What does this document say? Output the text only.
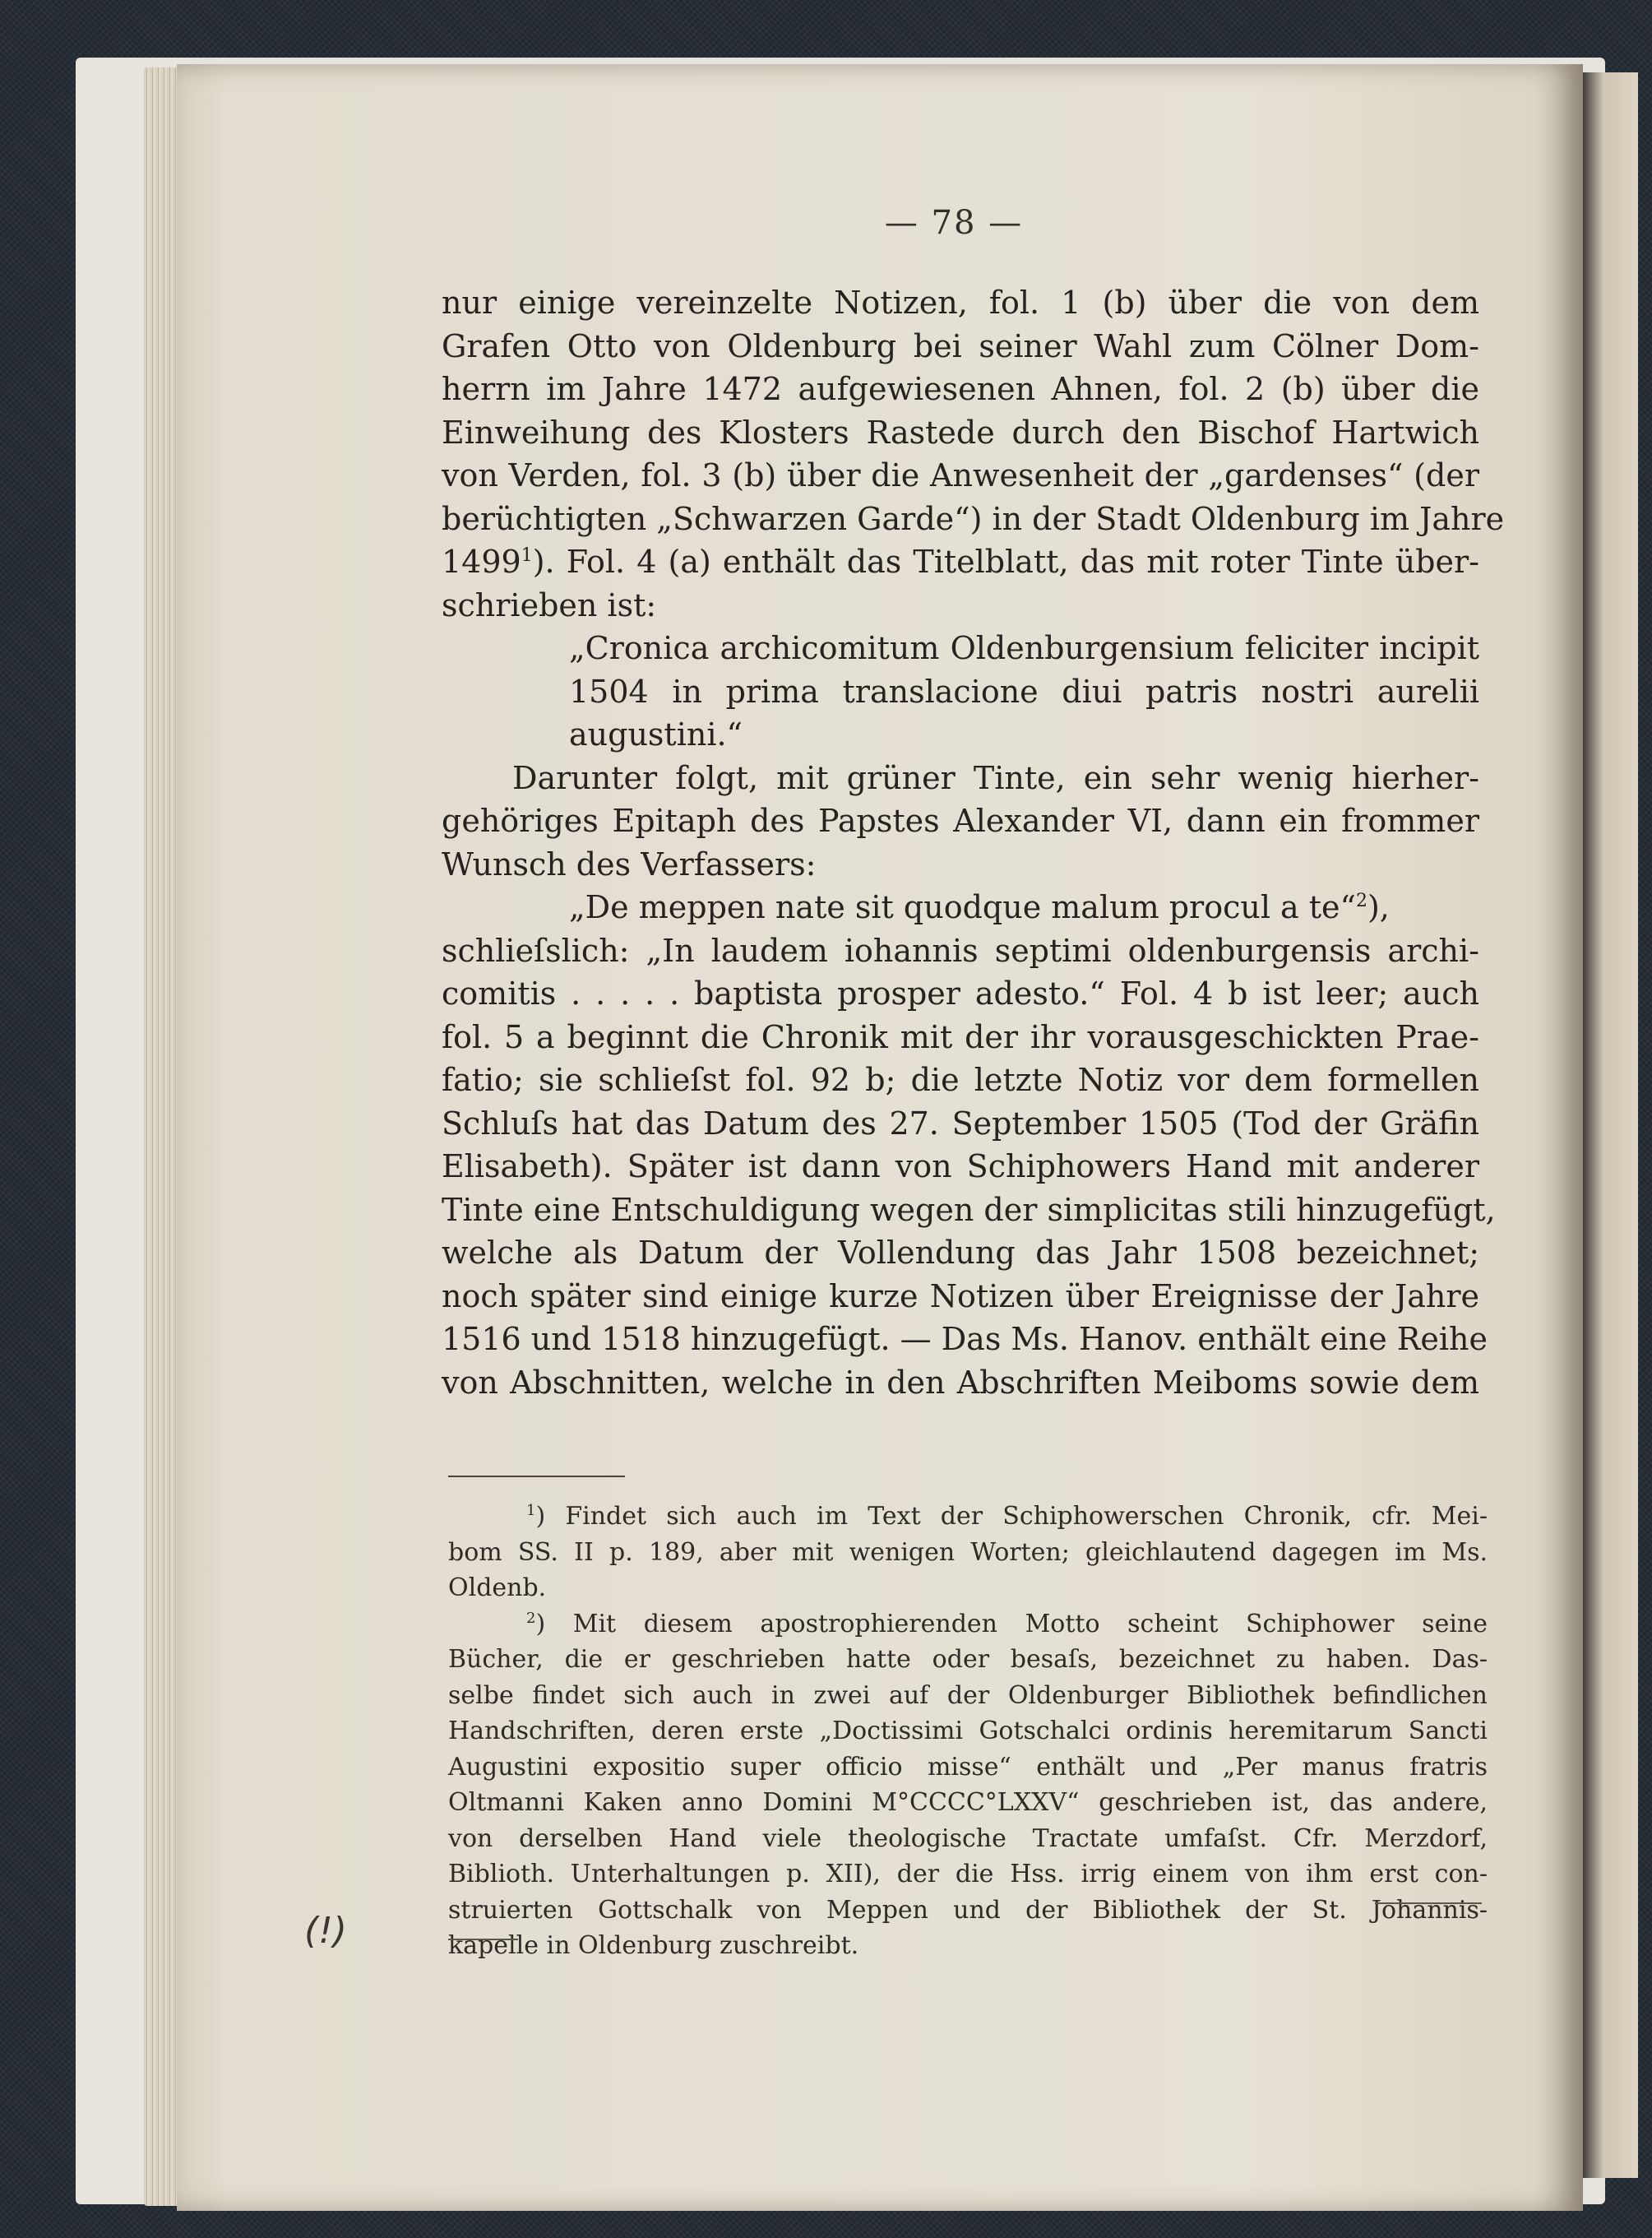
— 78 —
nur einige vereinzelte Notizen, fol. 1 (b) über die von dem
Grafen Otto von Oldenburg bei seiner Wahl zum Cölner Dom-
herrn im Jahre 1472 aufgewiesenen Ahnen, fol. 2 (b) über die
Einweihung des Klosters Rastede durch den Bischof Hartwich
von Verden, fol. 3 (b) über die Anwesenheit der „gardenses“ (der
berüchtigten „Schwarzen Garde“) in der Stadt Oldenburg im Jahre
1499$^1$). Fol. 4 (a) enthält das Titelblatt, das mit roter Tinte über-
schrieben ist:
„Cronica archicomitum Oldenburgensium feliciter incipit
1504 in prima translacione diui patris nostri aurelii
augustini.“
Darunter folgt, mit grüner Tinte, ein sehr wenig hierher-
gehöriges Epitaph des Papstes Alexander VI, dann ein frommer
Wunsch des Verfassers:
„De meppen nate sit quodque malum procul a te“$^2$),
schlieſslich: „In laudem iohannis septimi oldenburgensis archi-
comitis . . . . . baptista prosper adesto.“ Fol. 4 b ist leer; auch
fol. 5 a beginnt die Chronik mit der ihr vorausgeschickten Prae-
fatio; sie schlieſst fol. 92 b; die letzte Notiz vor dem formellen
Schluſs hat das Datum des 27. September 1505 (Tod der Gräfin
Elisabeth). Später ist dann von Schiphowers Hand mit anderer
Tinte eine Entschuldigung wegen der simplicitas stili hinzugefügt,
welche als Datum der Vollendung das Jahr 1508 bezeichnet;
noch später sind einige kurze Notizen über Ereignisse der Jahre
1516 und 1518 hinzugefügt. — Das Ms. Hanov. enthält eine Reihe
von Abschnitten, welche in den Abschriften Meiboms sowie dem
$^1$) Findet sich auch im Text der Schiphowerschen Chronik, cfr. Mei-
bom SS. II p. 189, aber mit wenigen Worten; gleichlautend dagegen im Ms.
Oldenb.
$^2$) Mit diesem apostrophierenden Motto scheint Schiphower seine
Bücher, die er geschrieben hatte oder besaſs, bezeichnet zu haben. Das-
selbe findet sich auch in zwei auf der Oldenburger Bibliothek befindlichen
Handschriften, deren erste „Doctissimi Gotschalci ordinis heremitarum Sancti
Augustini expositio super officio misse“ enthält und „Per manus fratris
Oltmanni Kaken anno Domini M°CCCC°LXXV“ geschrieben ist, das andere,
von derselben Hand viele theologische Tractate umfaſst. Cfr. Merzdorf,
Biblioth. Unterhaltungen p. XII), der die Hss. irrig einem von ihm erst con-
struierten Gottschalk von Meppen und der Bibliothek der St. Johannis-
kapelle in Oldenburg zuschreibt.
(!)
